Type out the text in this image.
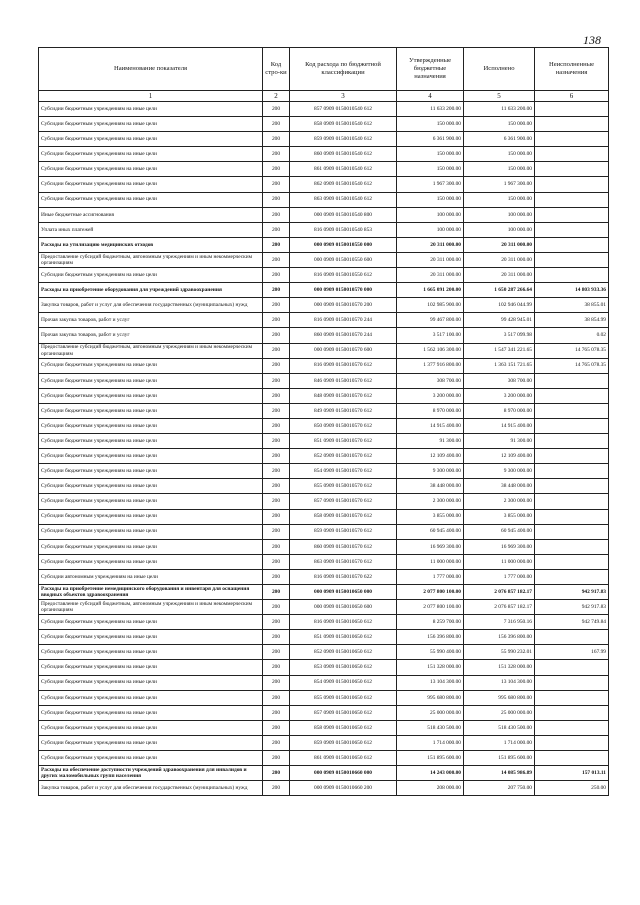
138
Наименование показателя	Код стро-ки	Код расхода по бюджетной классификации	Утвержденные бюджетные назначения	Исполнено	Неисполненные назначения
1	2	3	4	5	6
Субсидии бюджетным учреждениям на иные цели	200	857 0909 0150010540 612	11 633 200.00	11 633 200.00	
Субсидии бюджетным учреждениям на иные цели	200	858 0909 0150010540 612	150 000.00	150 000.00	
Субсидии бюджетным учреждениям на иные цели	200	859 0909 0150010540 612	6 361 900.00	6 361 900.00	
Субсидии бюджетным учреждениям на иные цели	200	860 0909 0150010540 612	150 000.00	150 000.00	
Субсидии бюджетным учреждениям на иные цели	200	861 0909 0150010540 612	150 000.00	150 000.00	
Субсидии бюджетным учреждениям на иные цели	200	862 0909 0150010540 612	1 967 300.00	1 967 300.00	
Субсидии бюджетным учреждениям на иные цели	200	863 0909 0150010540 612	150 000.00	150 000.00	
Иные бюджетные ассигнования	200	000 0909 0150010540 800	100 000.00	100 000.00	
Уплата иных платежей	200	816 0909 0150010540 853	100 000.00	100 000.00	
Расходы на утилизацию медицинских отходов	200	000 0909 0150010550 000	20 311 000.00	20 311 000.00	
Предоставление субсидий бюджетным, автономным учреждениям и иным некоммерческим организациям	200	000 0909 0150010550 600	20 311 000.00	20 311 000.00	
Субсидии бюджетным учреждениям на иные цели	200	816 0909 0150010550 612	20 311 000.00	20 311 000.00	
Расходы на приобретение оборудования для учреждений здравоохранения	200	000 0909 0150010570 000	1 665 091 200.00	1 650 287 266.64	14 803 933.36
Закупка товаров, работ и услуг для обеспечения государственных (муниципальных) нужд	200	000 0909 0150010570 200	102 985 900.00	102 946 044.99	38 855.01
Прочая закупка товаров, работ и услуг	200	816 0909 0150010570 244	99 467 800.00	99 428 945.01	38 854.99
Прочая закупка товаров, работ и услуг	200	860 0909 0150010570 244	3 517 100.00	3 517 099.98	0.02
Предоставление субсидий бюджетным, автономным учреждениям и иным некоммерческим организациям	200	000 0909 0150010570 600	1 562 106 300.00	1 547 341 221.65	14 765 078.35
Субсидии бюджетным учреждениям на иные цели	200	816 0909 0150010570 612	1 377 916 800.00	1 363 151 721.65	14 765 078.35
Субсидии бюджетным учреждениям на иные цели	200	846 0909 0150010570 612	308 700.00	308 700.00	
Субсидии бюджетным учреждениям на иные цели	200	848 0909 0150010570 612	3 200 000.00	3 200 000.00	
Субсидии бюджетным учреждениям на иные цели	200	849 0909 0150010570 612	8 970 000.00	8 970 000.00	
Субсидии бюджетным учреждениям на иные цели	200	850 0909 0150010570 612	14 915 400.00	14 915 400.00	
Субсидии бюджетным учреждениям на иные цели	200	851 0909 0150010570 612	91 300.00	91 300.00	
Субсидии бюджетным учреждениям на иные цели	200	852 0909 0150010570 612	12 109 400.00	12 109 400.00	
Субсидии бюджетным учреждениям на иные цели	200	854 0909 0150010570 612	9 300 000.00	9 300 000.00	
Субсидии бюджетным учреждениям на иные цели	200	855 0909 0150010570 612	38 448 000.00	38 448 000.00	
Субсидии бюджетным учреждениям на иные цели	200	857 0909 0150010570 612	2 300 000.00	2 300 000.00	
Субсидии бюджетным учреждениям на иные цели	200	858 0909 0150010570 612	3 855 000.00	3 855 000.00	
Субсидии бюджетным учреждениям на иные цели	200	859 0909 0150010570 612	60 945 400.00	60 945 400.00	
Субсидии бюджетным учреждениям на иные цели	200	860 0909 0150010570 612	16 969 300.00	16 969 300.00	
Субсидии бюджетным учреждениям на иные цели	200	863 0909 0150010570 612	11 000 000.00	11 000 000.00	
Субсидии автономным учреждениям на иные цели	200	816 0909 0150010570 622	1 777 000.00	1 777 000.00	
Расходы на приобретение немедицинского оборудования и инвентаря для оснащения вводных объектов здравоохранения	200	000 0909 0150010650 000	2 077 800 100.00	2 076 857 182.17	942 917.83
Предоставление субсидий бюджетным, автономным учреждениям и иным некоммерческим организациям	200	000 0909 0150010650 600	2 077 800 100.00	2 076 857 182.17	942 917.83
Субсидии бюджетным учреждениям на иные цели	200	816 0909 0150010650 612	8 259 700.00	7 316 950.16	942 749.84
Субсидии бюджетным учреждениям на иные цели	200	851 0909 0150010650 612	156 396 800.00	156 396 800.00	
Субсидии бюджетным учреждениям на иные цели	200	852 0909 0150010650 612	55 990 400.00	55 990 232.01	167.99
Субсидии бюджетным учреждениям на иные цели	200	853 0909 0150010650 612	151 328 000.00	151 328 000.00	
Субсидии бюджетным учреждениям на иные цели	200	854 0909 0150010650 612	13 104 300.00	13 104 300.00	
Субсидии бюджетным учреждениям на иные цели	200	855 0909 0150010650 612	995 680 800.00	995 680 800.00	
Субсидии бюджетным учреждениям на иные цели	200	857 0909 0150010650 612	25 000 000.00	25 000 000.00	
Субсидии бюджетным учреждениям на иные цели	200	858 0909 0150010650 612	518 430 500.00	518 430 500.00	
Субсидии бюджетным учреждениям на иные цели	200	859 0909 0150010650 612	1 714 000.00	1 714 000.00	
Субсидии бюджетным учреждениям на иные цели	200	861 0909 0150010650 612	151 895 600.00	151 895 600.00	
Расходы на обеспечение доступности учреждений здравоохранения для инвалидов и других маломобильных групп населения	200	000 0909 0150010660 000	14 243 000.00	14 085 986.89	157 013.11
Закупка товаров, работ и услуг для обеспечения государственных (муниципальных) нужд	200	000 0909 0150010660 200	208 000.00	207 750.00	250.00
